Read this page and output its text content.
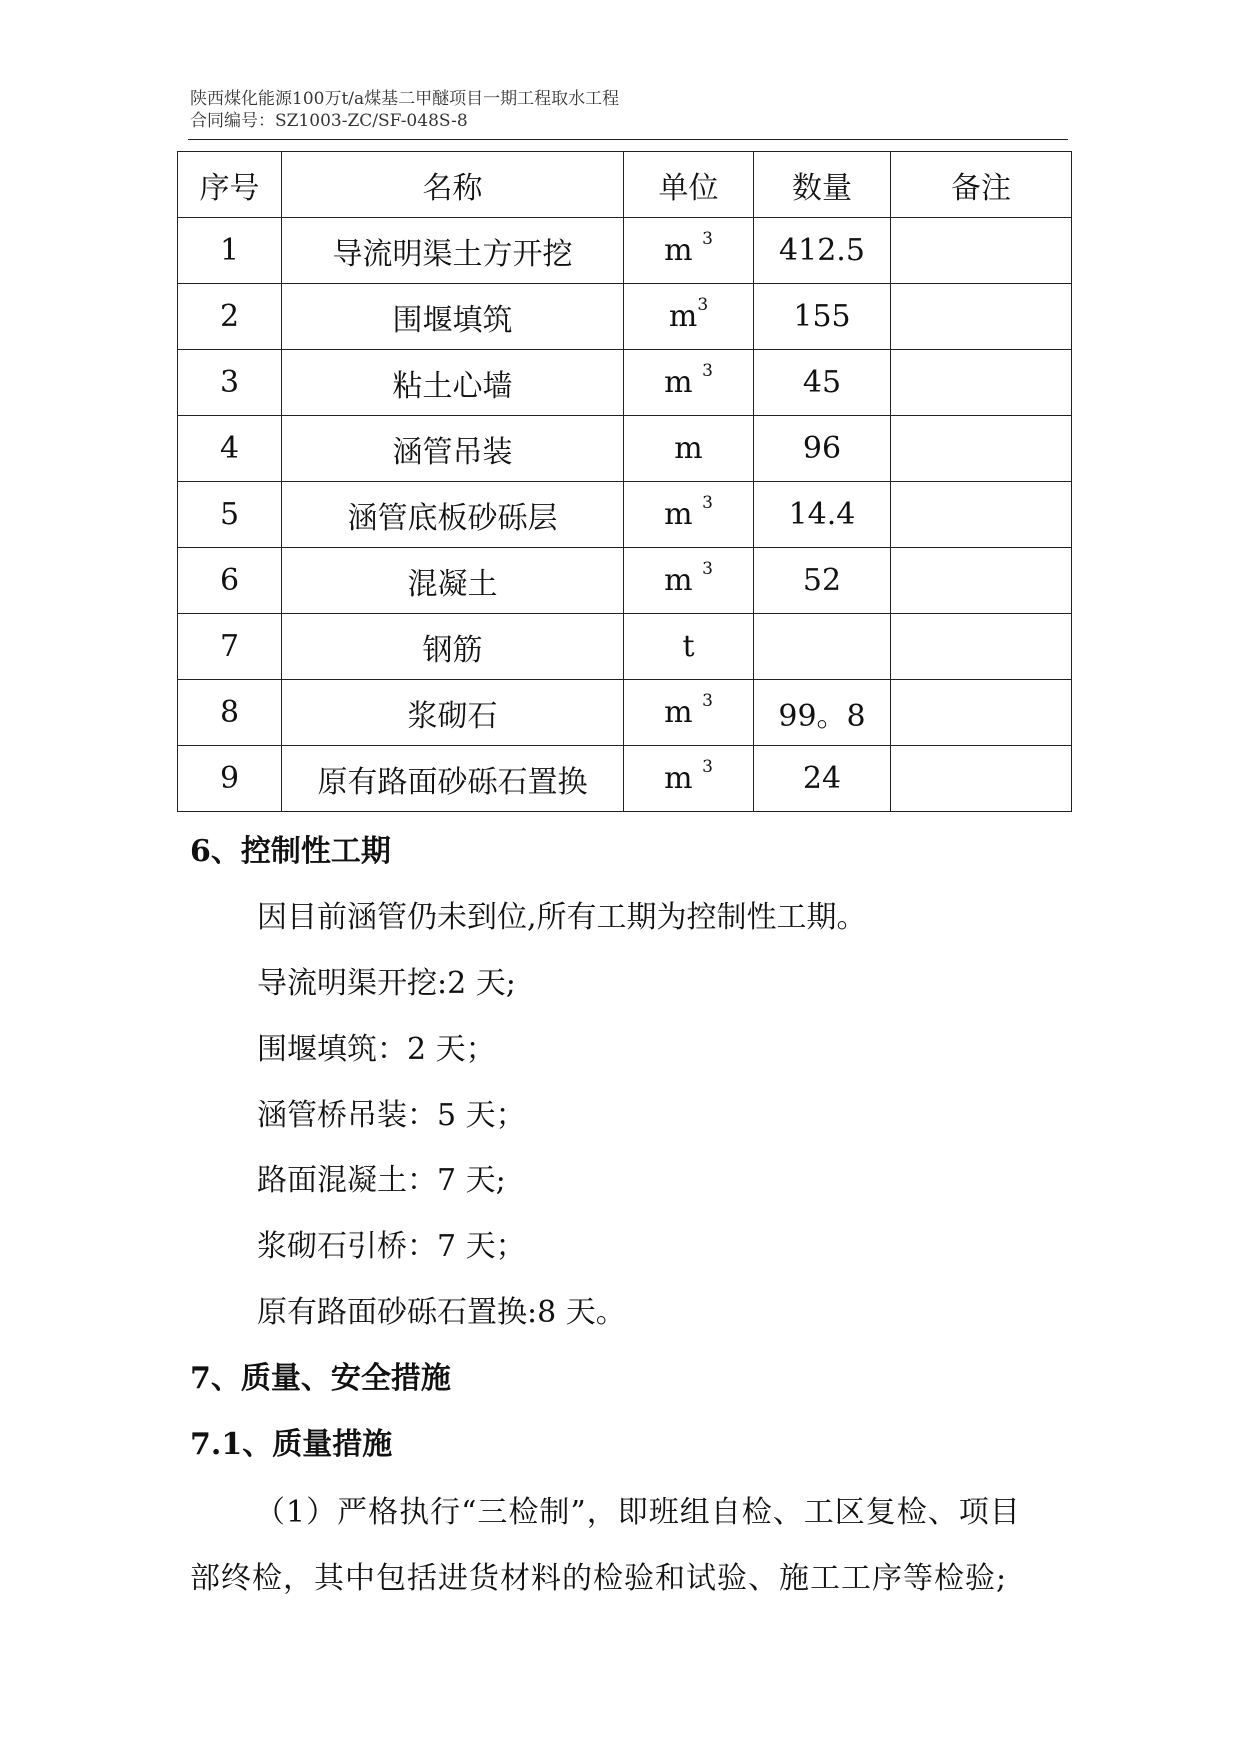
陕西煤化能源100万t/a煤基二甲醚项目一期工程取水工程
合同编号：SZ1003-ZC/SF-048S-8
序号	名称	单位	数量	备注
1	导流明渠土方开挖	m $^3$	412.5	
2	围堰填筑	$m^3$	155	
3	粘土心墙	m $^3$	45	
4	涵管吊装	m	96	
5	涵管底板砂砾层	m $^3$	14.4	
6	混凝土	m $^3$	52	
7	钢筋	t		
8	浆砌石	m $^3$	99。8	
9	原有路面砂砾石置换	m $^3$	24	
6、控制性工期
因目前涵管仍未到位,所有工期为控制性工期。
导流明渠开挖:2 天;
围堰填筑：2 天；
涵管桥吊装：5 天；
路面混凝土：7 天;
浆砌石引桥：7 天；
原有路面砂砾石置换:8 天。
7、质量、安全措施
7.1、质量措施
（1）严格执行“三检制”，即班组自检、工区复检、项目
部终检，其中包括进货材料的检验和试验、施工工序等检验;
